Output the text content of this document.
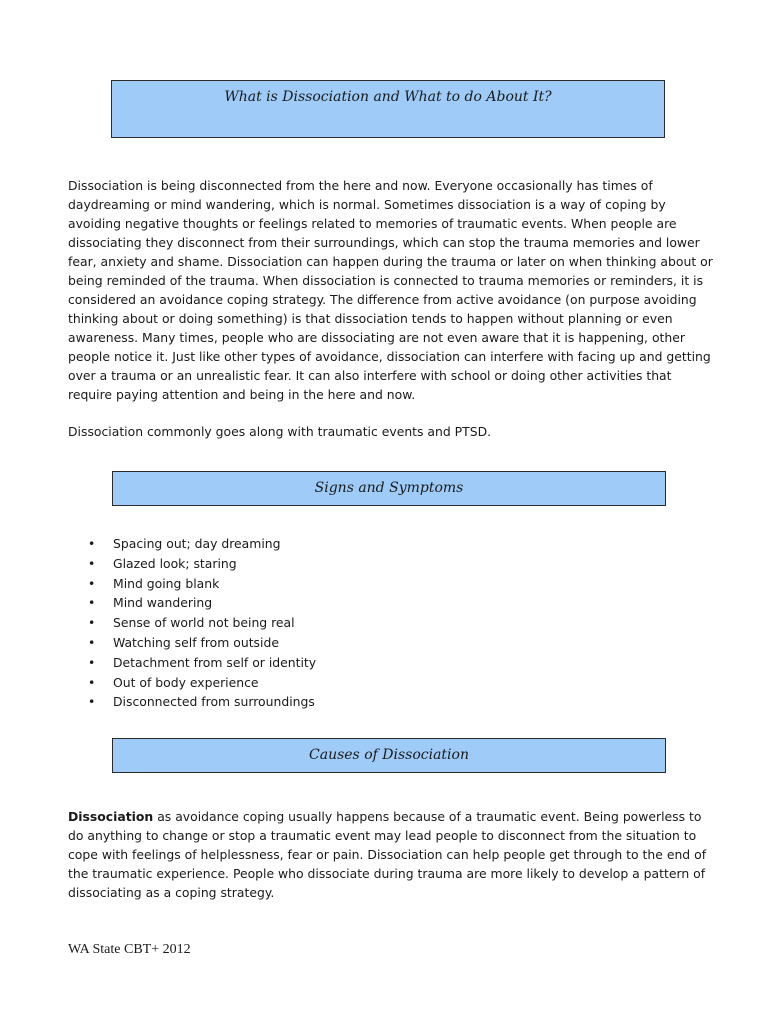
What is Dissociation and What to do About It?

Dissociation is being disconnected from the here and now. Everyone occasionally has times of daydreaming or mind wandering, which is normal. Sometimes dissociation is a way of coping by avoiding negative thoughts or feelings related to memories of traumatic events. When people are dissociating they disconnect from their surroundings, which can stop the trauma memories and lower fear, anxiety and shame. Dissociation can happen during the trauma or later on when thinking about or being reminded of the trauma. When dissociation is connected to trauma memories or reminders, it is considered an avoidance coping strategy. The difference from active avoidance (on purpose avoiding thinking about or doing something) is that dissociation tends to happen without planning or even awareness. Many times, people who are dissociating are not even aware that it is happening, other people notice it. Just like other types of avoidance, dissociation can interfere with facing up and getting over a trauma or an unrealistic fear. It can also interfere with school or doing other activities that require paying attention and being in the here and now.

Dissociation commonly goes along with traumatic events and PTSD.

Signs and Symptoms
• Spacing out; day dreaming
• Glazed look; staring
• Mind going blank
• Mind wandering
• Sense of world not being real
• Watching self from outside
• Detachment from self or identity
• Out of body experience
• Disconnected from surroundings
Causes of Dissociation

Dissociation as avoidance coping usually happens because of a traumatic event. Being powerless to do anything to change or stop a traumatic event may lead people to disconnect from the situation to cope with feelings of helplessness, fear or pain. Dissociation can help people get through to the end of the traumatic experience. People who dissociate during trauma are more likely to develop a pattern of dissociating as a coping strategy.

WA State CBT+ 2012
